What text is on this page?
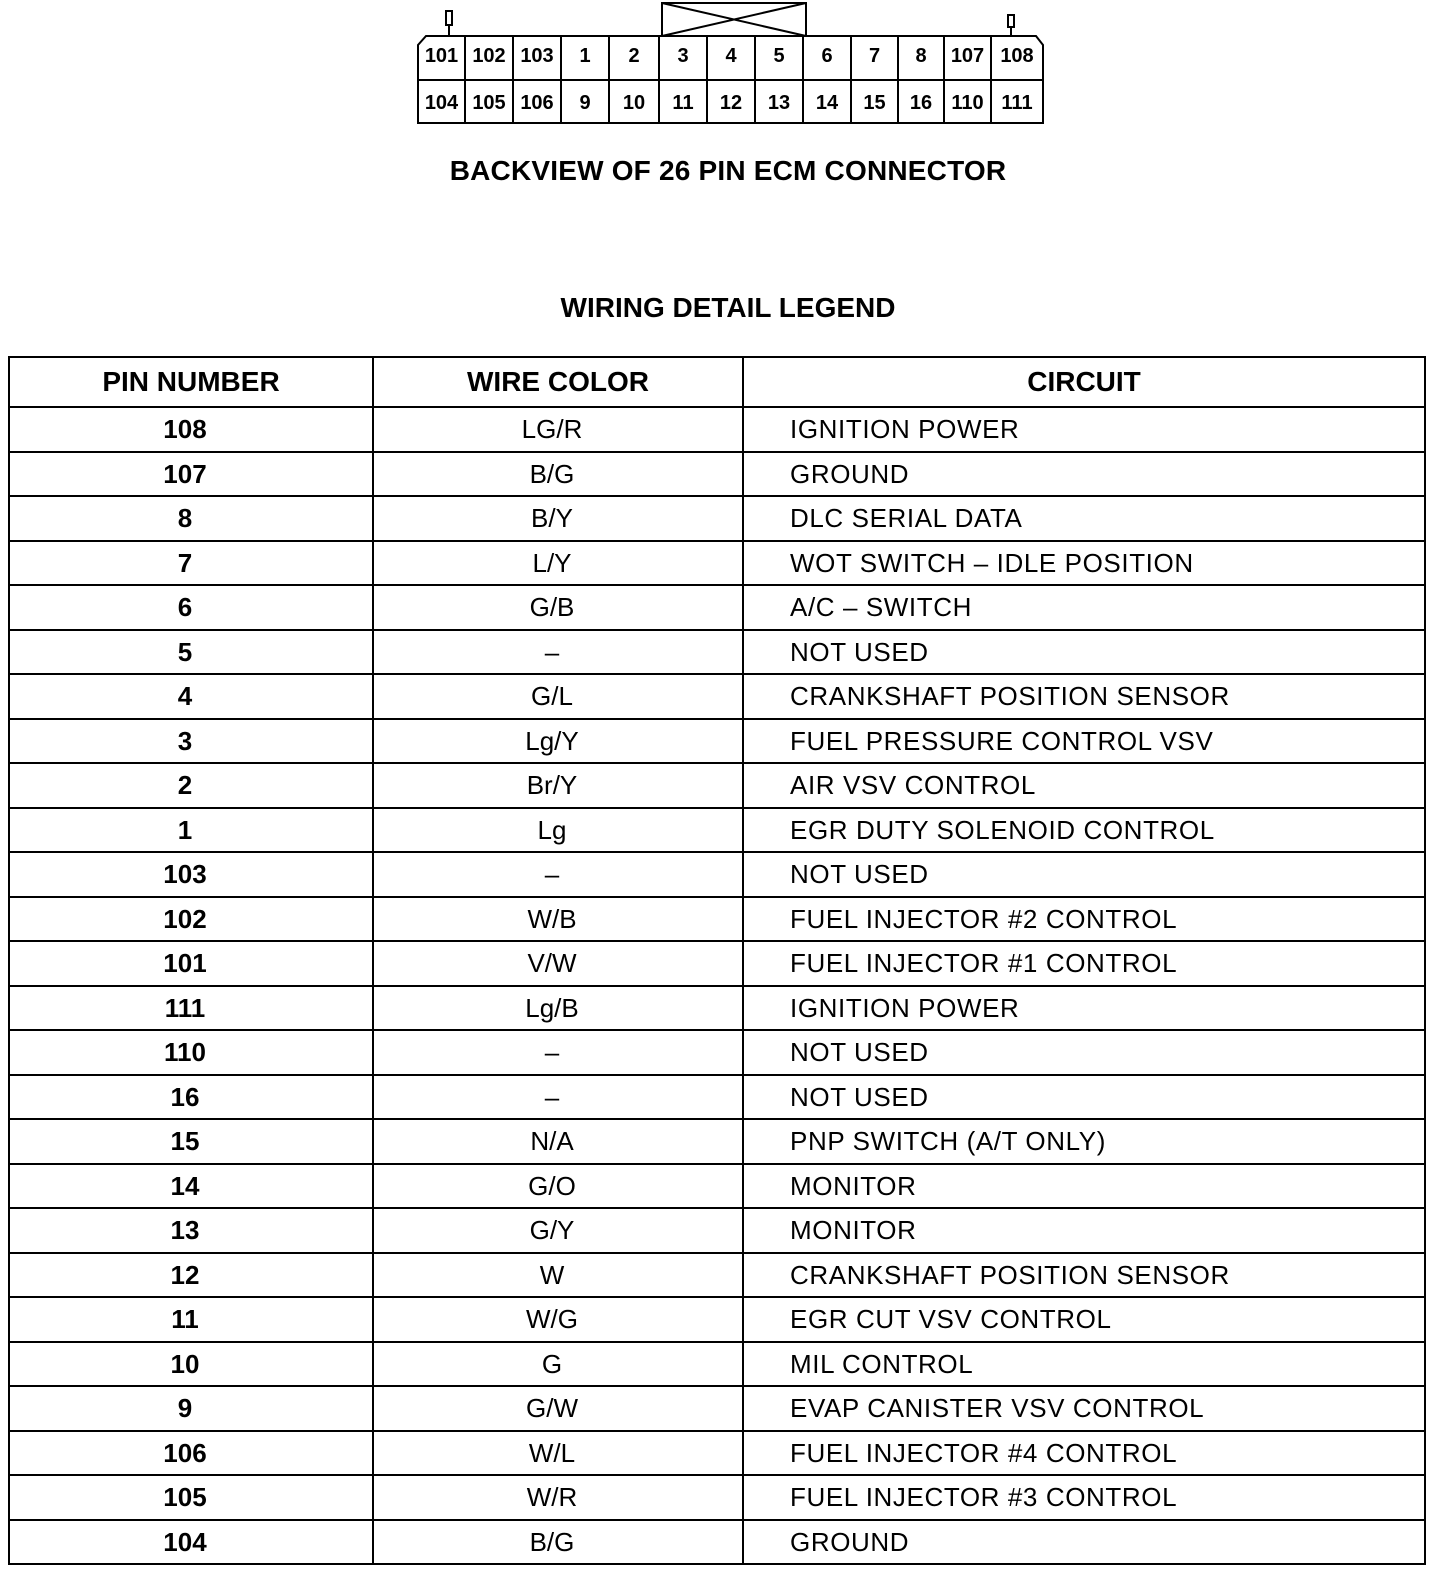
101 102 103 1 2 3 4 5 6 7 8 107 108
104 105 106 9 10 11 12 13 14 15 16 110 111
BACKVIEW OF 26 PIN ECM CONNECTOR
WIRING DETAIL LEGEND
PIN NUMBER	WIRE COLOR	CIRCUIT
108	LG/R	IGNITION POWER
107	B/G	GROUND
8	B/Y	DLC SERIAL DATA
7	L/Y	WOT SWITCH – IDLE POSITION
6	G/B	A/C – SWITCH
5	–	NOT USED
4	G/L	CRANKSHAFT POSITION SENSOR
3	Lg/Y	FUEL PRESSURE CONTROL VSV
2	Br/Y	AIR VSV CONTROL
1	Lg	EGR DUTY SOLENOID CONTROL
103	–	NOT USED
102	W/B	FUEL INJECTOR #2 CONTROL
101	V/W	FUEL INJECTOR #1 CONTROL
111	Lg/B	IGNITION POWER
110	–	NOT USED
16	–	NOT USED
15	N/A	PNP SWITCH (A/T ONLY)
14	G/O	MONITOR
13	G/Y	MONITOR
12	W	CRANKSHAFT POSITION SENSOR
11	W/G	EGR CUT VSV CONTROL
10	G	MIL CONTROL
9	G/W	EVAP CANISTER VSV CONTROL
106	W/L	FUEL INJECTOR #4 CONTROL
105	W/R	FUEL INJECTOR #3 CONTROL
104	B/G	GROUND
